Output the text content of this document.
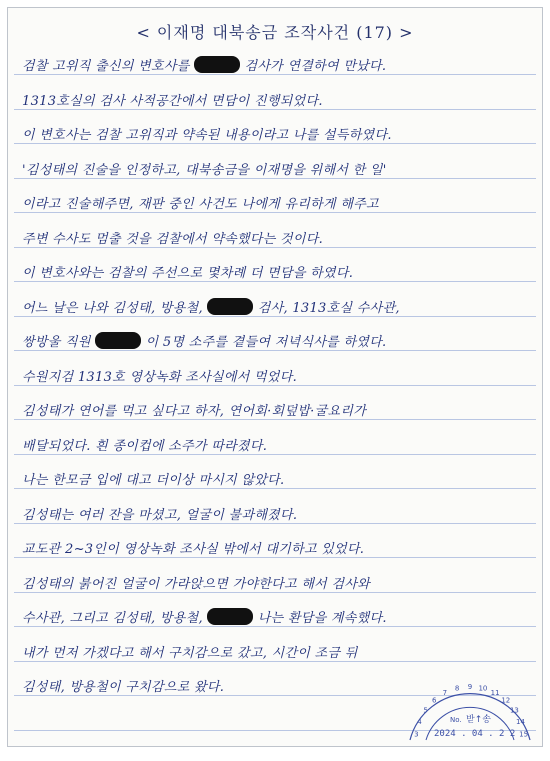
< 이재명 대북송금 조작사건 (17) >
검찰 고위직 출신의 변호사를	검사가 연결하여 만났다.
1313호실의 검사 사적공간에서 면담이 진행되었다.
이 변호사는 검찰 고위직과 약속된 내용이라고 나를 설득하였다.
'김성태의 진술을 인정하고, 대북송금을 이재명을 위해서 한 일'
이라고 진술해주면, 재판 중인 사건도 나에게 유리하게 해주고
주변 수사도 멈출 것을 검찰에서 약속했다는 것이다.
이 변호사와는 검찰의 주선으로 몇차례 더 면담을 하였다.
어느 날은 나와 김성태, 방용철,	검사, 1313호실 수사관,
쌍방울 직원	이 5명 소주를 곁들여 저녁식사를 하였다.
수원지검 1313호 영상녹화 조사실에서 먹었다.
김성태가 연어를 먹고 싶다고 하자, 연어회·회덮밥·굴요리가
배달되었다. 흰 종이컵에 소주가 따라졌다.
나는 한모금 입에 대고 더이상 마시지 않았다.
김성태는 여러 잔을 마셨고, 얼굴이 불과해졌다.
교도관 2~3인이 영상녹화 조사실 밖에서 대기하고 있었다.
김성태의 붉어진 얼굴이 가라앉으면 가야한다고 해서 검사와
수사관, 그리고 김성태, 방용철,	나는 환담을 계속했다.
내가 먼저 가겠다고 해서 구치감으로 갔고, 시간이 조금 뒤
김성태, 방용철이 구치감으로 왔다.
3
4
5
6
7
8 9 10
11
12
13
14
15
No. 받↑송
2024 . 04 . 2 2
